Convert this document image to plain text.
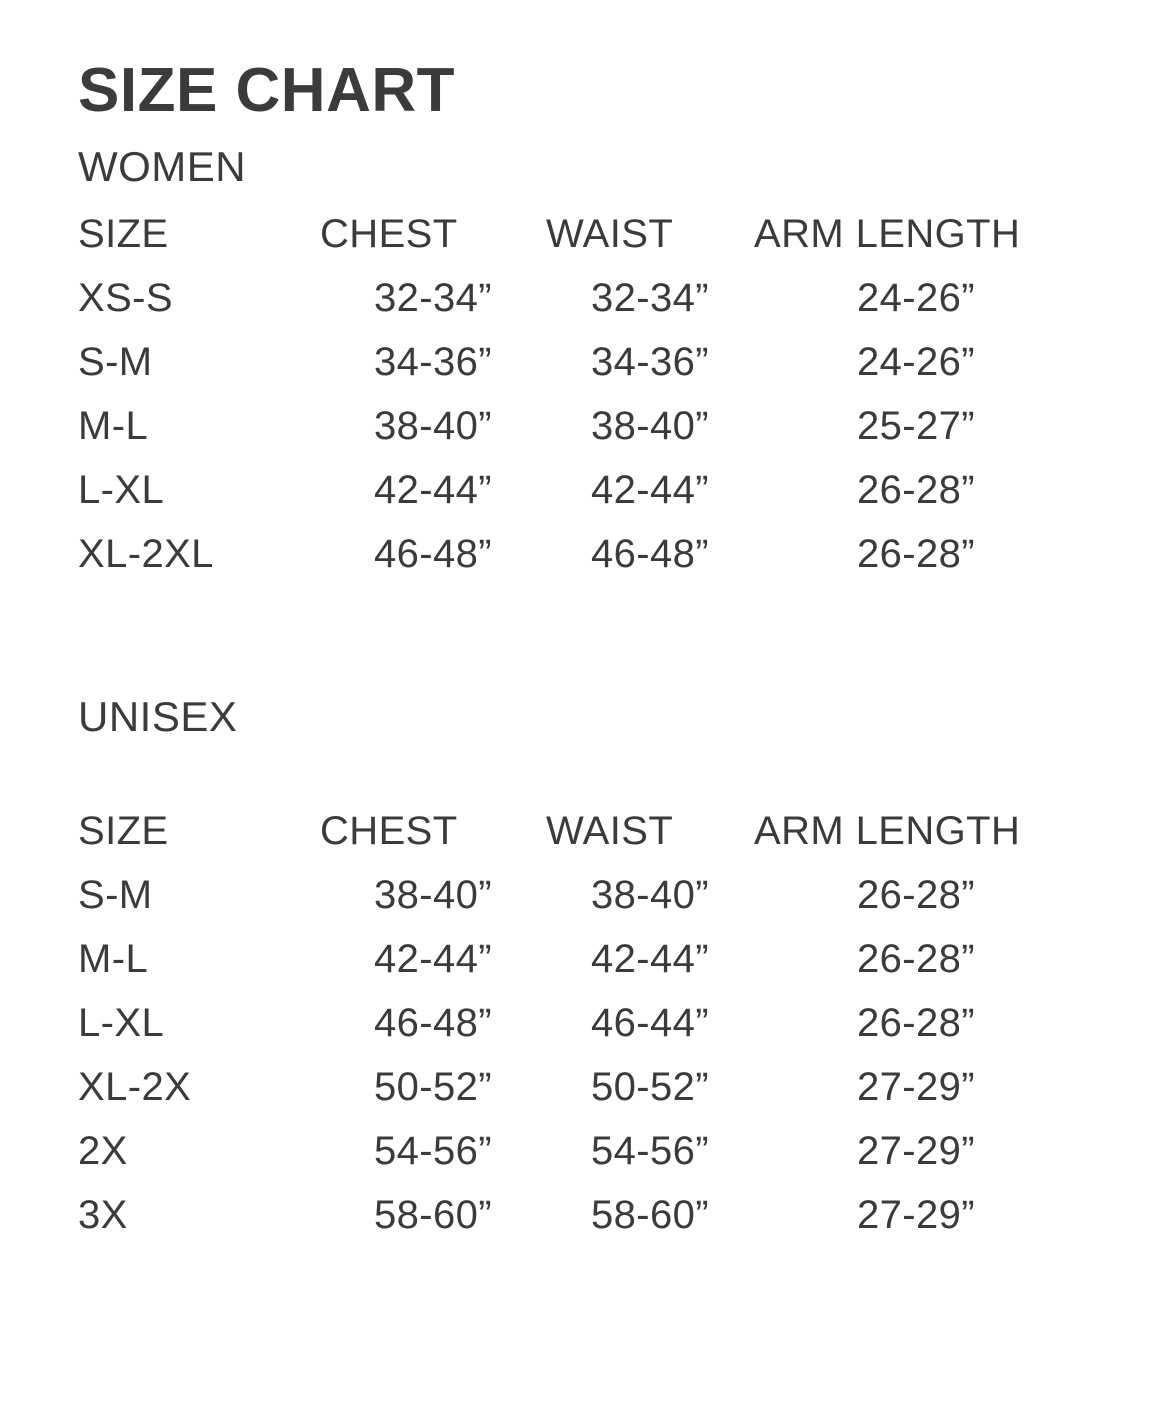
SIZE CHART
WOMEN
SIZE	CHEST	WAIST	ARM LENGTH
XS-S	32-34”	32-34”	24-26”
S-M	34-36”	34-36”	24-26”
M-L	38-40”	38-40”	25-27”
L-XL	42-44”	42-44”	26-28”
XL-2XL	46-48”	46-48”	26-28”
UNISEX
SIZE	CHEST	WAIST	ARM LENGTH
S-M	38-40”	38-40”	26-28”
M-L	42-44”	42-44”	26-28”
L-XL	46-48”	46-44”	26-28”
XL-2X	50-52”	50-52”	27-29”
2X	54-56”	54-56”	27-29”
3X	58-60”	58-60”	27-29”
